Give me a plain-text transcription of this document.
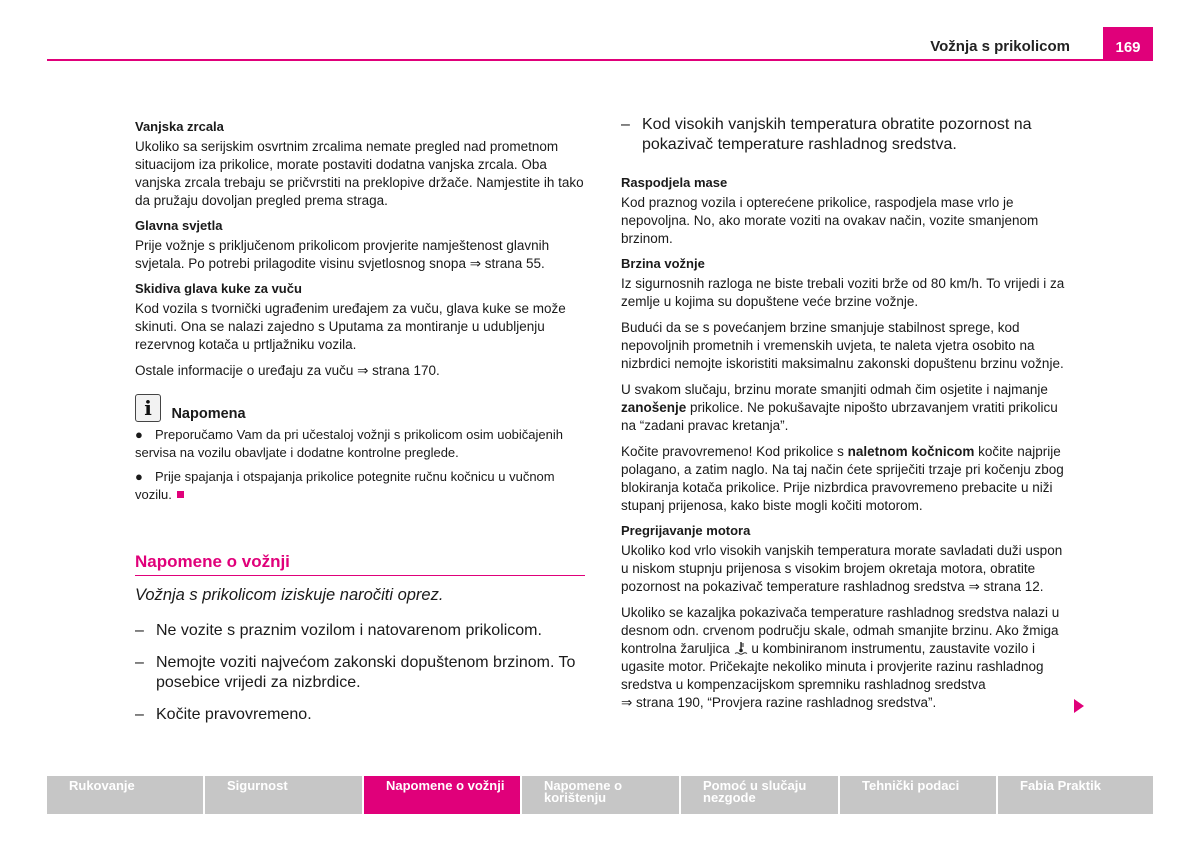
Vožnja s prikolicom	169
Vanjska zrcala
Ukoliko sa serijskim osvrtnim zrcalima nemate pregled nad prometnom situacijom iza prikolice, morate postaviti dodatna vanjska zrcala. Oba vanjska zrcala trebaju se pričvrstiti na preklopive držače. Namjestite ih tako da pružaju dovoljan pregled prema straga.
Glavna svjetla
Prije vožnje s priključenom prikolicom provjerite namještenost glavnih svjetala. Po potrebi prilagodite visinu svjetlosnog snopa ⇒ strana 55.
Skidiva glava kuke za vuču
Kod vozila s tvornički ugrađenim uređajem za vuču, glava kuke se može skinuti. Ona se nalazi zajedno s Uputama za montiranje u udubljenju rezervnog kotača u prtljažniku vozila.
Ostale informacije o uređaju za vuču ⇒ strana 170.
i Napomena
● Preporučamo Vam da pri učestaloj vožnji s prikolicom osim uobičajenih servisa na vozilu obavljate i dodatne kontrolne preglede.
● Prije spajanja i otspajanja prikolice potegnite ručnu kočnicu u vučnom vozilu.
Napomene o vožnji
Vožnja s prikolicom iziskuje naročiti oprez.
– Ne vozite s praznim vozilom i natovarenom prikolicom.
– Nemojte voziti najvećom zakonski dopuštenom brzinom. To posebice vrijedi za nizbrdice.
– Kočite pravovremeno.
– Kod visokih vanjskih temperatura obratite pozornost na pokazivač temperature rashladnog sredstva.
Raspodjela mase
Kod praznog vozila i opterećene prikolice, raspodjela mase vrlo je nepovoljna. No, ako morate voziti na ovakav način, vozite smanjenom brzinom.
Brzina vožnje
Iz sigurnosnih razloga ne biste trebali voziti brže od 80 km/h. To vrijedi i za zemlje u kojima su dopuštene veće brzine vožnje.
Budući da se s povećanjem brzine smanjuje stabilnost sprege, kod nepovoljnih prometnih i vremenskih uvjeta, te naleta vjetra osobito na nizbrdici nemojte iskoristiti maksimalnu zakonski dopuštenu brzinu vožnje.
U svakom slučaju, brzinu morate smanjiti odmah čim osjetite i najmanje zanošenje prikolice. Ne pokušavajte nipošto ubrzavanjem vratiti prikolicu na “zadani pravac kretanja”.
Kočite pravovremeno! Kod prikolice s naletnom kočnicom kočite najprije polagano, a zatim naglo. Na taj način ćete spriječiti trzaje pri kočenju zbog blokiranja kotača prikolice. Prije nizbrdica pravovremeno prebacite u niži stupanj prijenosa, kako biste mogli kočiti motorom.
Pregrijavanje motora
Ukoliko kod vrlo visokih vanjskih temperatura morate savladati duži uspon u niskom stupnju prijenosa s visokim brojem okretaja motora, obratite pozornost na pokazivač temperature rashladnog sredstva ⇒ strana 12.
Ukoliko se kazaljka pokazivača temperature rashladnog sredstva nalazi u desnom odn. crvenom području skale, odmah smanjite brzinu. Ako žmiga kontrolna žaruljica u kombiniranom instrumentu, zaustavite vozilo i ugasite motor. Pričekajte nekoliko minuta i provjerite razinu rashladnog sredstva u kompenzacijskom spremniku rashladnog sredstva
⇒ strana 190, “Provjera razine rashladnog sredstva”.
Rukovanje	Sigurnost	Napomene o vožnji	Napomene o korištenju
Pomoć u slučaju nezgode
Tehnički podaci	Fabia Praktik
